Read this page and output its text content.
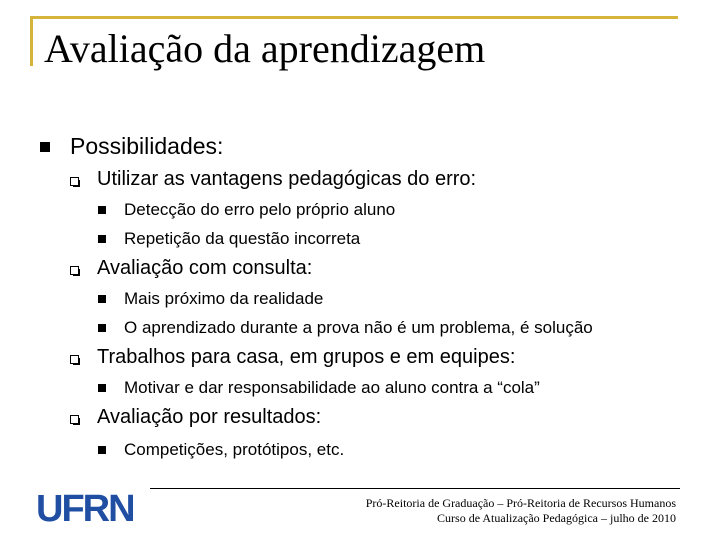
Avaliação da aprendizagem
Possibilidades:
Utilizar as vantagens pedagógicas do erro:
Detecção do erro pelo próprio aluno
Repetição da questão incorreta
Avaliação com consulta:
Mais próximo da realidade
O aprendizado durante a prova não é um problema, é solução
Trabalhos para casa, em grupos e em equipes:
Motivar e dar responsabilidade ao aluno contra a “cola”
Avaliação por resultados:
Competições, protótipos, etc.
UFRN	Pró-Reitoria de Graduação – Pró-Reitoria de Recursos Humanos
Curso de Atualização Pedagógica – julho de 2010
